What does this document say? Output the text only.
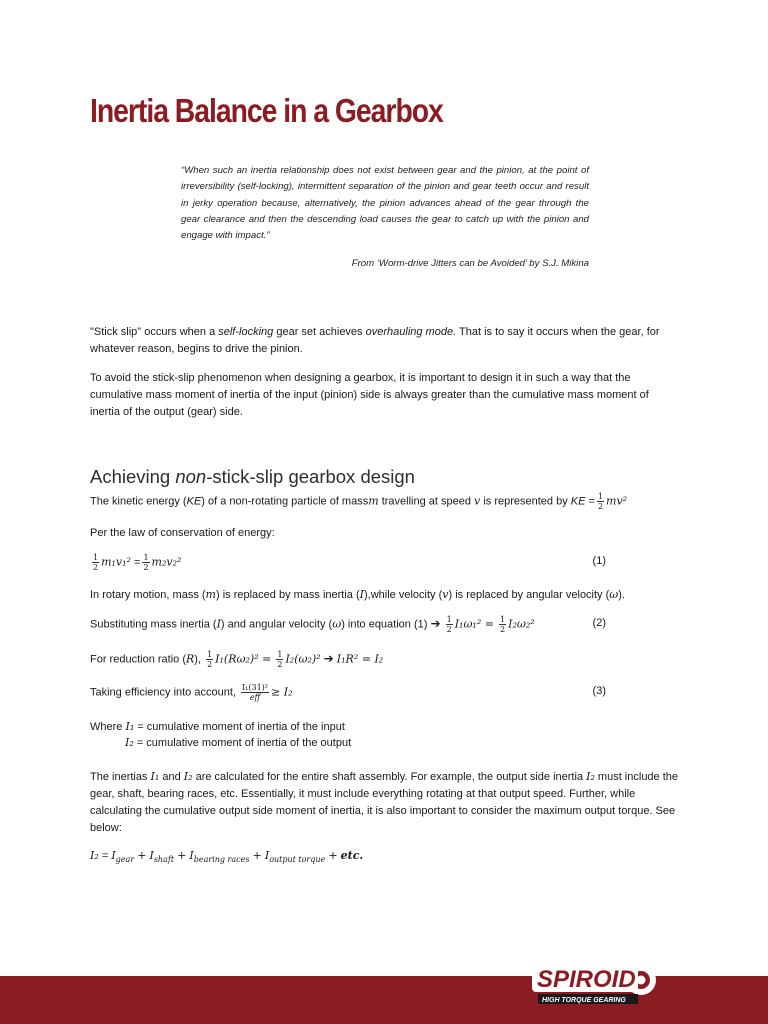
Inertia Balance in a Gearbox
“When such an inertia relationship does not exist between gear and the pinion, at the point of irreversibility (self-locking), intermittent separation of the pinion and gear teeth occur and result in jerky operation because, alternatively, the pinion advances ahead of the gear through the gear clearance and then the descending load causes the gear to catch up with the pinion and engage with impact.”
From ‘Worm-drive Jitters can be Avoided’ by S.J. Mikina
"Stick slip" occurs when a self-locking gear set achieves overhauling mode. That is to say it occurs when the gear, for whatever reason, begins to drive the pinion.
To avoid the stick-slip phenomenon when designing a gearbox, it is important to design it in such a way that the cumulative mass moment of inertia of the input (pinion) side is always greater than the cumulative mass moment of inertia of the output (gear) side.
Achieving non-stick-slip gearbox design
The kinetic energy (KE) of a non-rotating particle of massm travelling at speed v is represented by KE = $\frac{1}{2} mv^2$
Per the law of conservation of energy:
$\frac{1}{2} m_1v_1^2 = \frac{1}{2} m_2v_2^2$	(1)
In rotary motion, mass (m) is replaced by mass inertia (I),while velocity (v) is replaced by angular velocity (ω).
Substituting mass inertia (I) and angular velocity (ω) into equation (1) ➔ $\frac{1}{2} I_1\omega_1^2 = \frac{1}{2} I_2\omega_2^2$	(2)
For reduction ratio (R), $\frac{1}{2} I_1(R\omega_2)^2 = \frac{1}{2} I_2(\omega_2)^2$ ➔ I₁R² = I₂
Taking efficiency into account, $\frac{\text{I₁(31)²}}{\text{eff}} \ge I_2$	(3)
Where I₁ = cumulative moment of inertia of the input
I₂ = cumulative moment of inertia of the output
The inertias I₁ and I₂ are calculated for the entire shaft assembly. For example, the output side inertia I₂ must include the gear, shaft, bearing races, etc. Essentially, it must include everything rotating at that output speed. Further, while calculating the cumulative output side moment of inertia, it is also important to consider the maximum output torque. See below:
$I_2 = I_{gear} + I_{shaft} + I_{bearing races} + I_{output torque}$ + etc.
SPIROID
HIGH TORQUE GEARING
